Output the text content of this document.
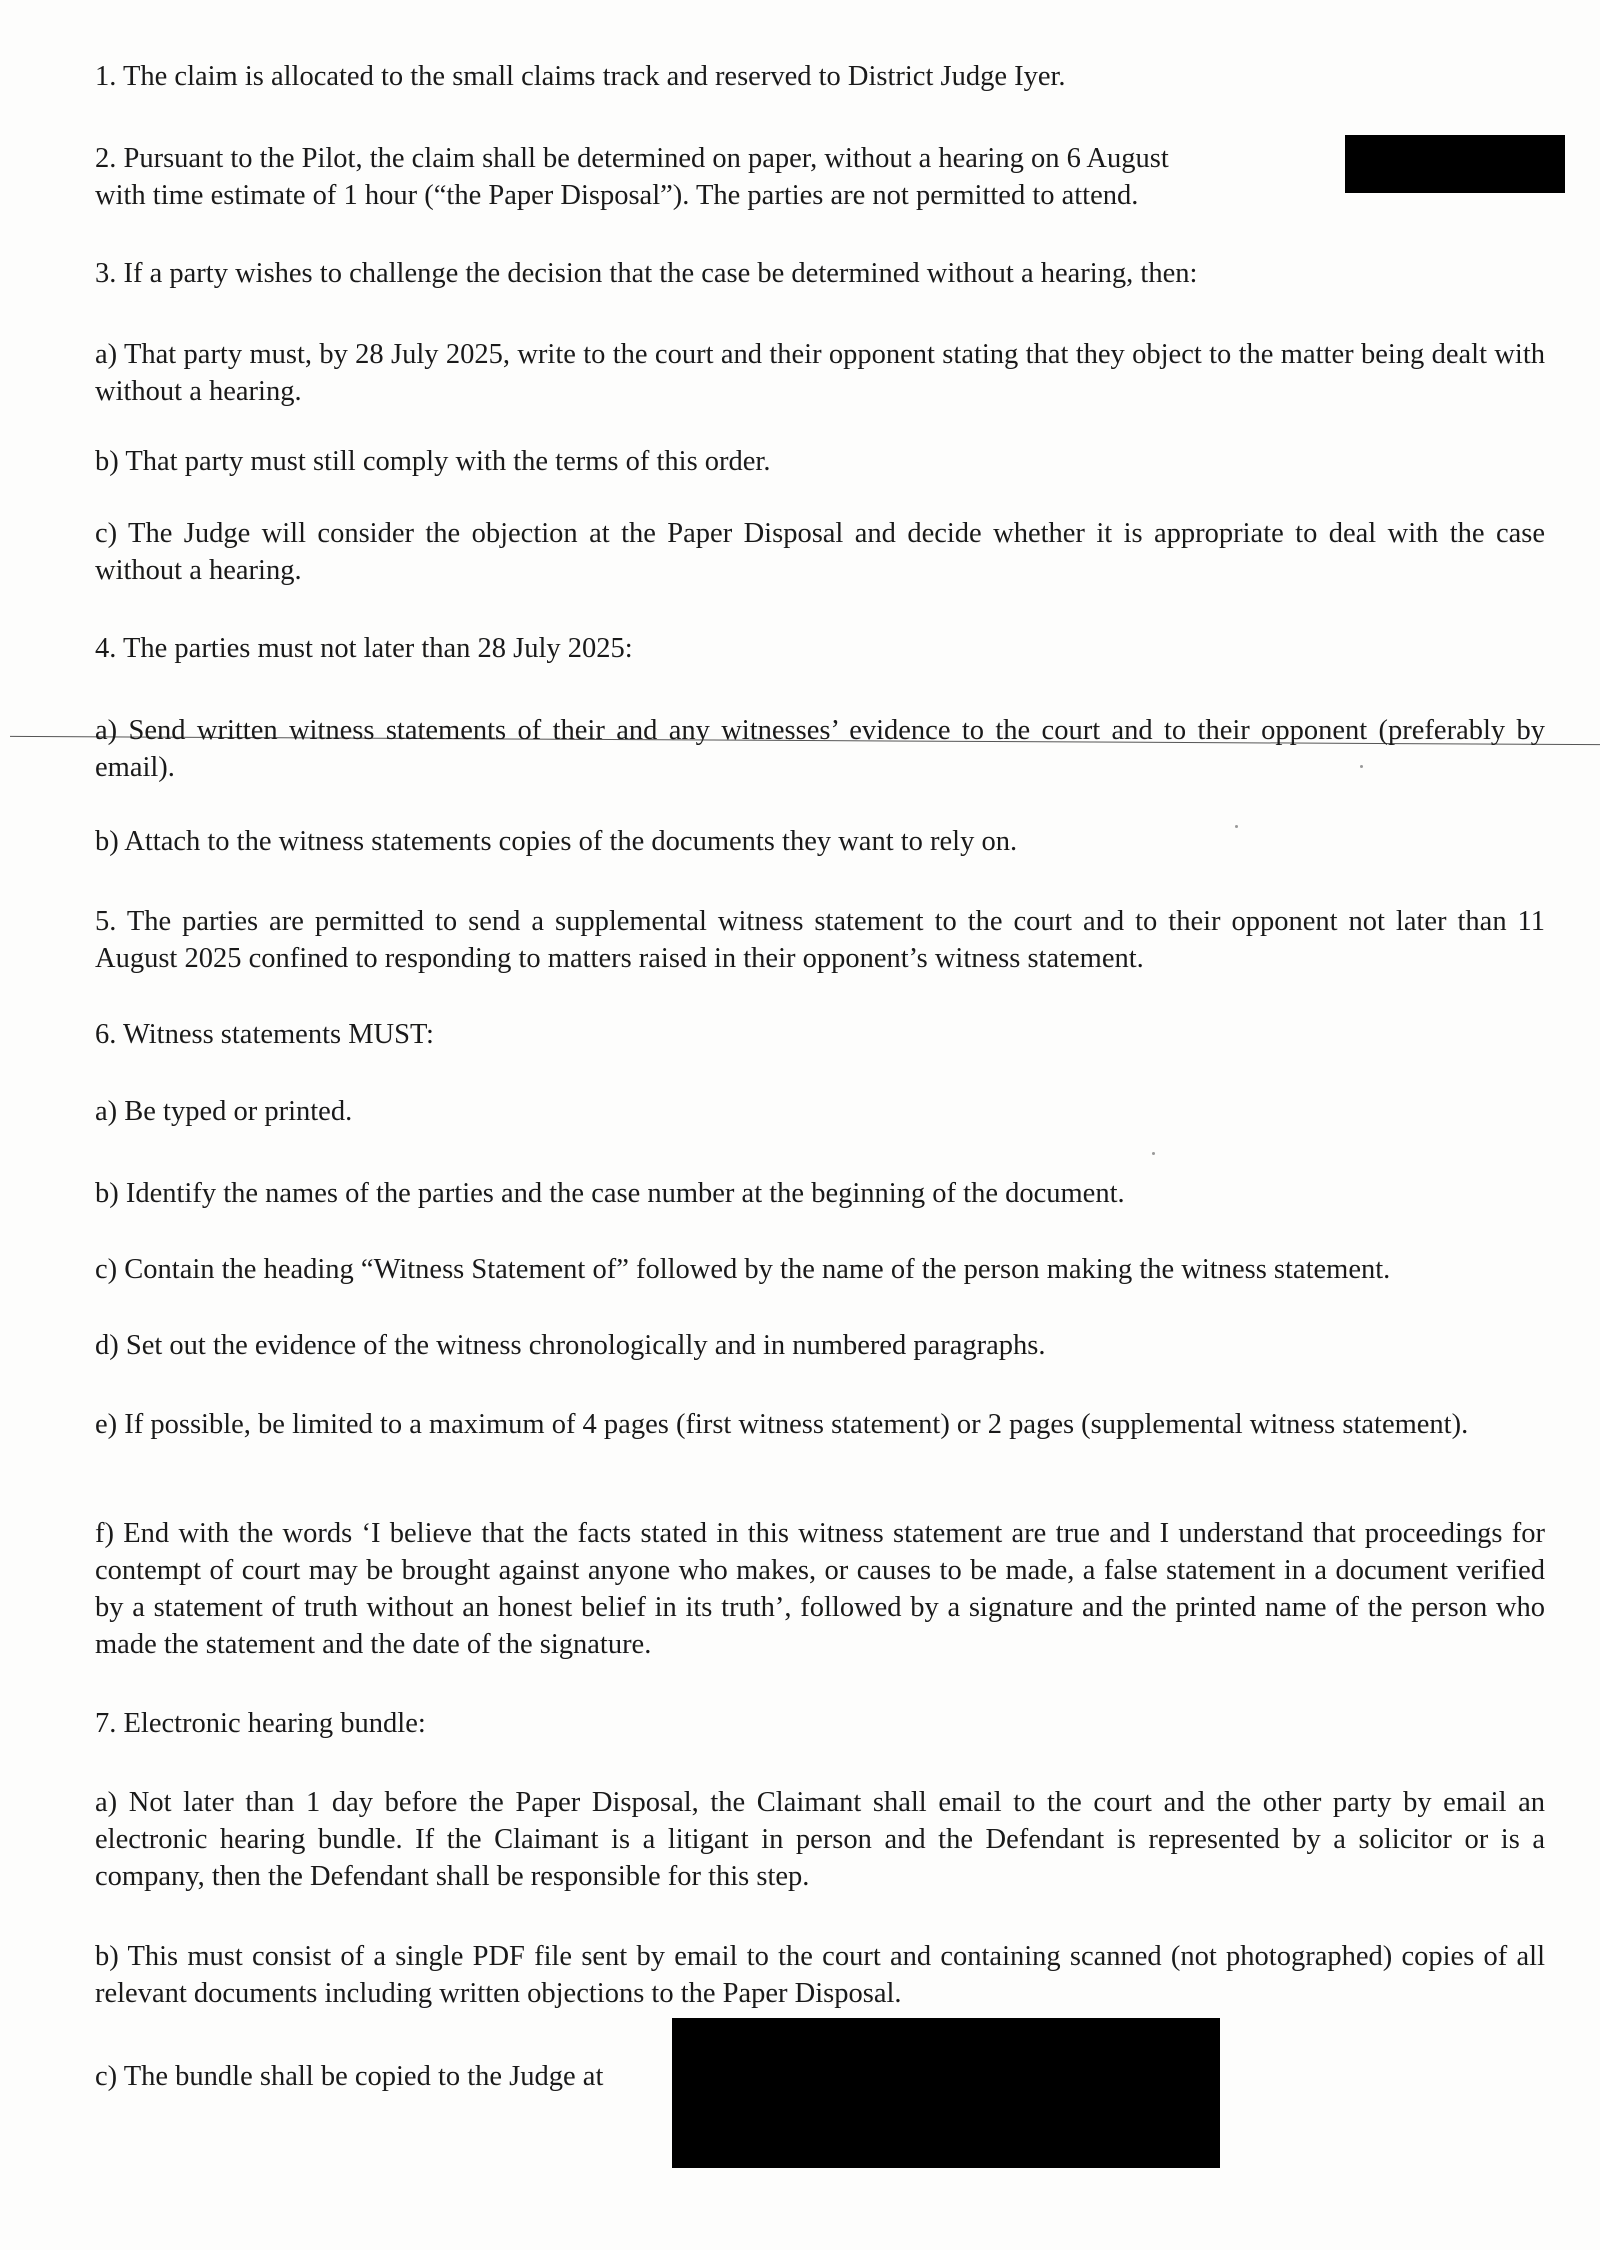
1. The claim is allocated to the small claims track and reserved to District Judge Iyer.

2. Pursuant to the Pilot, the claim shall be determined on paper, without a hearing on 6 August

with time estimate of 1 hour (“the Paper Disposal”). The parties are not permitted to attend.

3. If a party wishes to challenge the decision that the case be determined without a hearing, then:

a) That party must, by 28 July 2025, write to the court and their opponent stating that they object to the matter being dealt with without a hearing.

b) That party must still comply with the terms of this order.

c) The Judge will consider the objection at the Paper Disposal and decide whether it is appropriate to deal with the case without a hearing.

4. The parties must not later than 28 July 2025:

a) Send written witness statements of their and any witnesses’ evidence to the court and to their opponent (preferably by email).

b) Attach to the witness statements copies of the documents they want to rely on.

5. The parties are permitted to send a supplemental witness statement to the court and to their opponent not later than 11 August 2025 confined to responding to matters raised in their opponent’s witness statement.

6. Witness statements MUST:

a) Be typed or printed.

b) Identify the names of the parties and the case number at the beginning of the document.

c) Contain the heading “Witness Statement of” followed by the name of the person making the witness statement.

d) Set out the evidence of the witness chronologically and in numbered paragraphs.

e) If possible, be limited to a maximum of 4 pages (first witness statement) or 2 pages (supplemental witness statement).

f) End with the words ‘I believe that the facts stated in this witness statement are true and I understand that proceedings for contempt of court may be brought against anyone who makes, or causes to be made, a false statement in a document verified by a statement of truth without an honest belief in its truth’, followed by a signature and the printed name of the person who made the statement and the date of the signature.

7. Electronic hearing bundle:

a) Not later than 1 day before the Paper Disposal, the Claimant shall email to the court and the other party by email an electronic hearing bundle. If the Claimant is a litigant in person and the Defendant is represented by a solicitor or is a company, then the Defendant shall be responsible for this step.

b) This must consist of a single PDF file sent by email to the court and containing scanned (not photographed) copies of all relevant documents including written objections to the Paper Disposal.

c) The bundle shall be copied to the Judge at
